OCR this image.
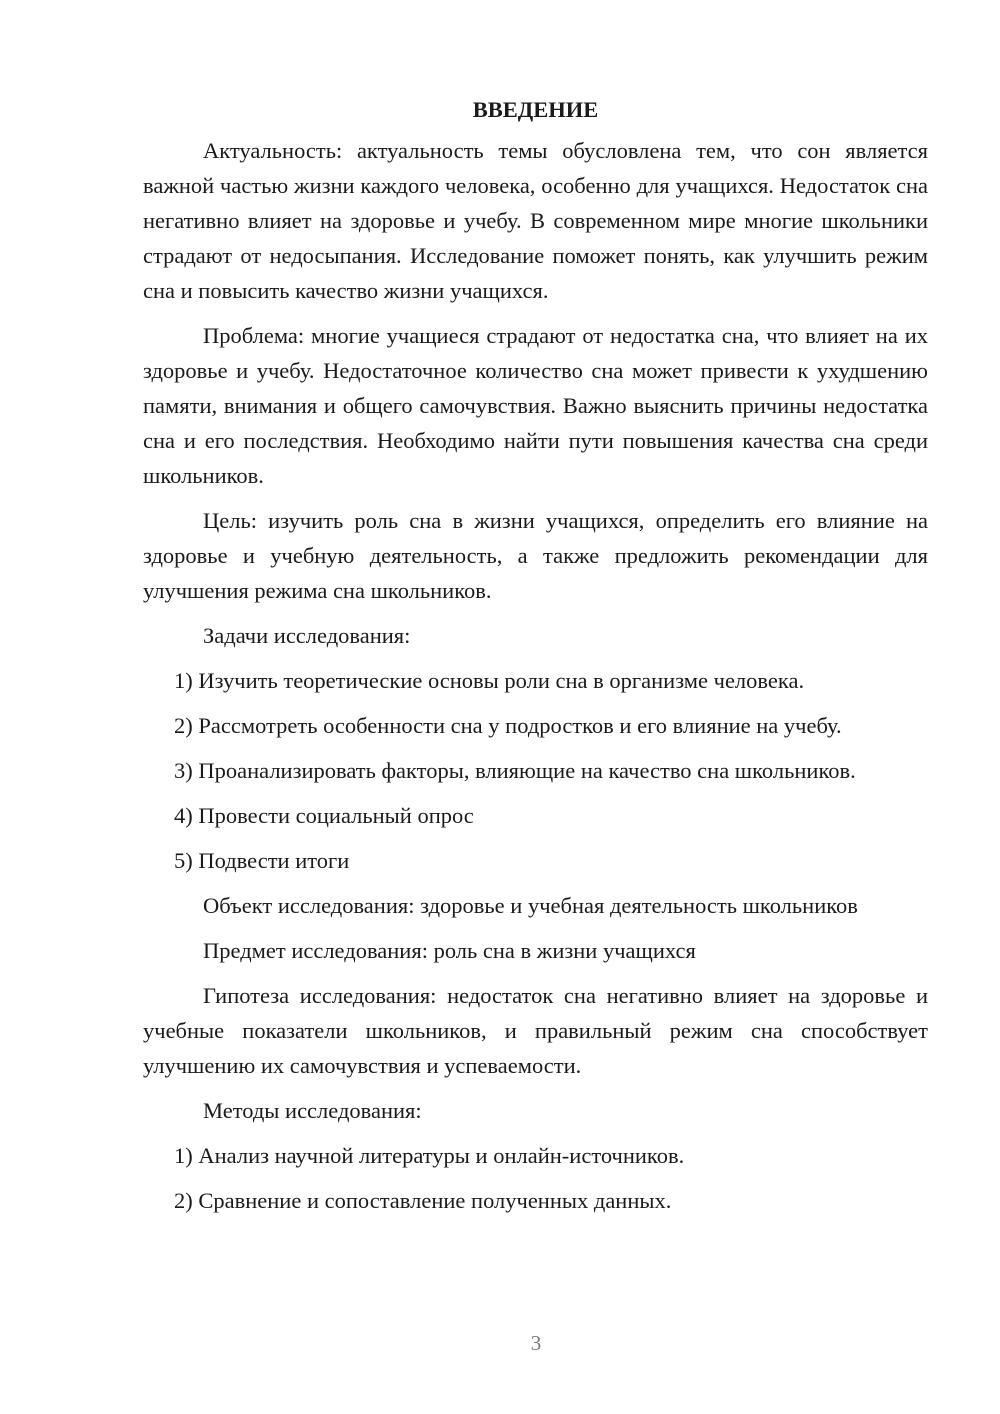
ВВЕДЕНИЕ

Актуальность: актуальность темы обусловлена тем, что сон является важной частью жизни каждого человека, особенно для учащихся. Недостаток сна негативно влияет на здоровье и учебу. В современном мире многие школьники страдают от недосыпания. Исследование поможет понять, как улучшить режим сна и повысить качество жизни учащихся.

Проблема: многие учащиеся страдают от недостатка сна, что влияет на их здоровье и учебу. Недостаточное количество сна может привести к ухудшению памяти, внимания и общего самочувствия. Важно выяснить причины недостатка сна и его последствия. Необходимо найти пути повышения качества сна среди школьников.

Цель: изучить роль сна в жизни учащихся, определить его влияние на здоровье и учебную деятельность, а также предложить рекомендации для улучшения режима сна школьников.

Задачи исследования:

1) Изучить теоретические основы роли сна в организме человека.

2) Рассмотреть особенности сна у подростков и его влияние на учебу.

3) Проанализировать факторы, влияющие на качество сна школьников.

4) Провести социальный опрос

5) Подвести итоги

Объект исследования: здоровье и учебная деятельность школьников

Предмет исследования: роль сна в жизни учащихся

Гипотеза исследования: недостаток сна негативно влияет на здоровье и учебные показатели школьников, и правильный режим сна способствует улучшению их самочувствия и успеваемости.

Методы исследования:

1) Анализ научной литературы и онлайн-источников.

2) Сравнение и сопоставление полученных данных.

3
